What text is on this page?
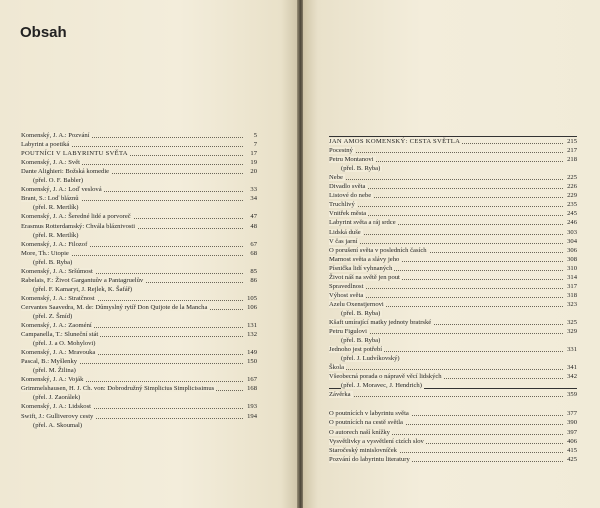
Obsah
Komenský, J. A.: Pozvání	5
Labyrint a poetiká	7
POUTNÍCI V LABYRINTU SVĚTA	17
Komenský, J. A.: Svět	19
Dante Alighieri: Božská komedie	20
(přel. O. F. Babler)
Komenský, J. A.: Loď veslová	33
Brant, S.: Loď bláznů	34
(přel. R. Mertlík)
Komenský, J. A.: Šeredné lidé a porvoreč	47
Erasmus Rotterdamský: Chvála bláznivosti	48
(přel. R. Mertlík)
Komenský, J. A.: Filozof	67
More, Th.: Utopie	68
(přel. B. Ryba)
Komenský, J. A.: Sršúmost	85
Rabelais, F.: Život Gargantuův a Pantagruelův	86
(přel. F. Kamaryt, J. Rejlek, K. Šafář)
Komenský, J. A.: Stratčnost	105
Cervantes Saavedra, M. de: Důmyslný rytíř Don Quijote de la Mancha	106
(přel. Z. Šmíd)
Komenský, J. A.: Zaoméní	131
Campanella, T.: Sluneční stát	132
(přel. J. a O. Mohylovi)
Komenský, J. A.: Mravouka	149
Pascal, B.: Myšlenky	150
(přel. M. Žilina)
Komenský, J. A.: Voják	167
Grimmelshausen, H. J. Ch. von: Dobrodružný Simplicius Simplicissimus	168
(přel. J. Zaorálek)
Komenský, J. A.: Lidskost	193
Swift, J.: Gulliverovy cesty	194
(přel. A. Skoumal)
JAN AMOS KOMENSKÝ: CESTA SVĚTLA	215
Pocestný	217
Petru Montanovi	218
(přel. B. Ryba)
Nebe	225
Divadlo světa	226
Listové do nebe	229
Truchlivý	235
Vnitřek města	245
Labyrint světa a ráj srdce	246
Lidská duše	303
V čas jarní	304
O porušení světa v posledních časích	306
Marnost světa a slávy jeho	308
Písnička lidí vyhnaných	310
Život náš na světě jen pout	314
Spravedlnost	317
Výhost světa	318
Azelu Oxenstjernovi	323
(přel. B. Ryba)
Kšaft umírající matky jednoty bratrské	325
Petru Figulovi	329
(přel. B. Ryba)
Jednoho jest potřebí	331
(přel. J. Ludvíkovský)
Škola	341
Všeobecná porada o nápravě věcí lidských	342
(přel. J. Moravec, J. Hendrich)
Závěrka	359
O poutnících v labyrintu světa	377
O poutnících na cestě světla	390
O autorech naší knížky	397
Vysvětlivky a vysvětlení cizích slov	406
Staročeský minislovníček	415
Pozvání do labyrintu literatury	425
